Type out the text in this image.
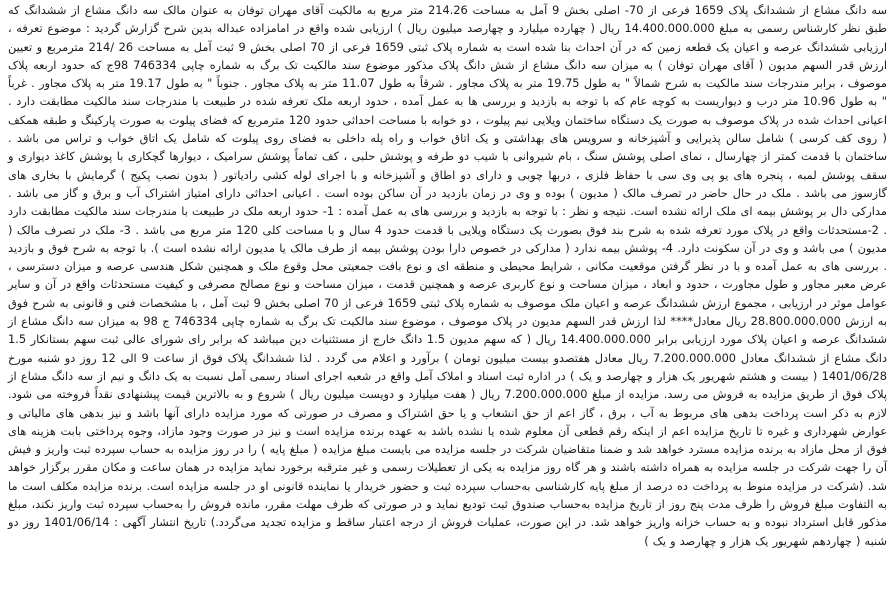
سه دانگ مشاع از ششدانگ پلاک 1659 فرعی از 70- اصلی بخش 9 آمل به مساحت 214.26 متر مربع به مالکیت آقای مهران توفان به عنوان مالک سه دانگ مشاع از ششدانگ که طبق نظر کارشناس رسمی به مبلغ 14.400.000.000 ریال ( چهارده میلیارد و چهارصد میلیون ریال ) ارزیابی شده واقع در امامزاده عبداله بدین شرح گزارش گردید : موضوع تعرفه ، ارزیابی ششدانگ عرصه و اعیان یک قطعه زمین که در آن احداث بنا شده است به شماره پلاک ثبتی 1659 فرعی از 70 اصلی بخش 9 ثبت آمل به مساحت 26 /214 مترمربع و تعیین ارزش قدر السهم مدیون ( آقای مهران توفان ) به میزان سه دانگ مشاع از شش دانگ پلاک مذکور موضوع سند مالکیت تک برگ به شماره چاپی 746334 98ج که حدود اربعه پلاک موصوف ، برابر مندرجات سند مالکیت به شرح شمالاً " به طول 19.75 متر به پلاک مجاور . شرقاً به طول 11.07 متر به پلاک مجاور . جنوباً " به طول 19.17 متر به پلاک مجاور . غرباً " به طول 10.96 متر درب و دیواریست به کوچه عام که با توجه به بازدید و بررسی ها به عمل آمده ، حدود اربعه ملک تعرفه شده در طبیعت با مندرجات سند مالکیت مطابقت دارد . اعیانی احداث شده در پلاک موصوف به صورت یک دستگاه ساختمان ویلایی نیم پیلوت ، دو خوابه با مساحت احداثی حدود 120 مترمربع که فضای پیلوت به صورت پارکینگ و طبقه همکف ( روی کف کرسی ) شامل سالن پذیرایی و آشپزخانه و سرویس های بهداشتی و یک اتاق خواب و راه پله داخلی به فضای روی پیلوت که شامل یک اتاق خواب و تراس می باشد . ساختمان با قدمت کمتر از چهارسال ، نمای اصلی پوشش سنگ ، بام شیروانی با شیب دو طرفه و پوشش حلبی ، کف تماماً پوشش سرامیک ، دیوارها گچکاری با پوشش کاغذ دیواری و سقف پوشش لمبه ، پنجره های یو پی وی سی با حفاظ فلزی ، دربها چوبی و دارای دو اطاق و آشپزخانه و با اجرای لوله کشی رادیاتور ( بدون نصب پکیج ) گرمایش با بخاری های گازسوز می باشد . ملک در حال حاضر در تصرف مالک ( مدیون ) بوده و وی در زمان بازدید در آن ساکن بوده است . اعیانی احداثی دارای امتیاز اشتراک آب و برق و گاز می باشد . مدارکی دال بر پوشش بیمه ای ملک ارائه نشده است. نتیجه و نظر : با توجه به بازدید و بررسی های به عمل آمده : 1- حدود اربعه ملک در طبیعت با مندرجات سند مالکیت مطابقت دارد . 2-مستحدثات واقع در پلاک مورد تعرفه شده به شرح بند فوق بصورت یک دستگاه ویلایی با قدمت حدود 4 سال و با مساحت کلی 120 متر مربع می باشد . 3- ملک در تصرف مالک ( مدیون ) می باشد و وی در آن سکونت دارد. 4- پوشش بیمه ندارد ( مدارکی در خصوص دارا بودن پوشش بیمه از طرف مالک یا مدیون ارائه نشده است ). با توجه به شرح فوق و بازدید . بررسی های به عمل آمده و با در نظر گرفتن موقعیت مکانی ، شرایط محیطی و منطقه ای و نوع بافت جمعیتی محل وقوع ملک و همچنین شکل هندسی عرصه و میزان دسترسی ، عرض معبر مجاور و طول مجاورت ، حدود و ابعاد ، میزان مساحت و نوع کاربری عرصه و همچنین قدمت ، میزان مساحت و نوع مصالح مصرفی و کیفیت مستحدثات واقع در آن و سایر عوامل موثر در ارزیابی ، مجموع ارزش ششدانگ عرصه و اعیان ملک موصوف به شماره پلاک ثبتی 1659 فرعی از 70 اصلی بخش 9 ثبت آمل ، با مشخصات فنی و قانونی به شرح فوق به ارزش 28.800.000.000 ریال معادل**** لذا ارزش قدر السهم مدیون در پلاک موصوف ، موضوع سند مالکیت تک برگ به شماره چاپی 746334 ج 98 به میزان سه دانگ مشاع از ششدانگ عرصه و اعیان پلاک مورد ارزیابی برابر 14.400.000.000 ریال ( که سهم مدیون 1.5 دانگ خارج از مستثنیات دین میباشد که برابر رای شورای عالی ثبت سهم بستانکار 1.5 دانگ مشاع از ششدانگ معادل 7.200.000.000 ریال معادل هفتصدو بیست میلیون تومان ) برآورد و اعلام می گردد . لذا ششدانگ پلاک فوق از ساعت 9 الی 12 روز دو شنبه مورخ 1401/06/28 ( بیست و هشتم شهریور یک هزار و چهارصد و یک ) در اداره ثبت اسناد و املاک آمل واقع در شعبه اجرای اسناد رسمی آمل نسبت به یک دانگ و نیم از سه دانگ مشاع از پلاک فوق از طریق مزایده به فروش می رسد. مزایده از مبلغ 7.200.000.000 ریال ( هفت میلیارد و دویست میلیون ریال ) شروع و به بالاترین قیمت پیشنهادی نقداً فروخته می شود. لازم به ذکر است پرداخت بدهی های مربوط به آب ، برق ، گاز اعم از حق انشعاب و یا حق اشتراک و مصرف در صورتی که مورد مزایده دارای آنها باشد و نیز بدهی های مالیاتی و عوارض شهرداری و غیره تا تاریخ مزایده اعم از اینکه رقم قطعی آن معلوم شده یا نشده باشد به عهده برنده مزایده است و نیز در صورت وجود مازاد، وجوه پرداختی بابت هزینه های فوق از محل مازاد به برنده مزایده مسترد خواهد شد و ضمنا متقاضیان شرکت در جلسه مزایده می بایست مبلغ مزایده ( مبلغ پایه ) را در روز مزایده به حساب سپرده ثبت واریز و فیش آن را جهت شرکت در جلسه مزایده به همراه داشته باشند و هر گاه روز مزایده به یکی از تعطیلات رسمی و غیر مترقبه برخورد نماید مزایده در همان ساعت و مکان مقرر برگزار خواهد شد. (شرکت در مزایده منوط به پرداخت ده درصد از مبلغ پایه کارشناسی به‌حساب سپرده ثبت و حضور خریدار یا نماینده قانونی او در جلسه مزایده است. برنده مزایده مکلف است ما به التفاوت مبلغ فروش را ظرف مدت پنج روز از تاریخ مزایده به‌حساب صندوق ثبت تودیع نماید و در صورتی که ظرف مهلت مقرر، مانده فروش را به‌حساب سپرده ثبت واریز نکند، مبلغ مذکور قابل استرداد نبوده و به حساب خزانه واریز خواهد شد. در این صورت، عملیات فروش از درجه اعتبار ساقط و مزایده تجدید می‌گردد.) تاریخ انتشار آگهی : 1401/06/14 روز دو شنبه ( چهاردهم شهریور یک هزار و چهارصد و یک )
